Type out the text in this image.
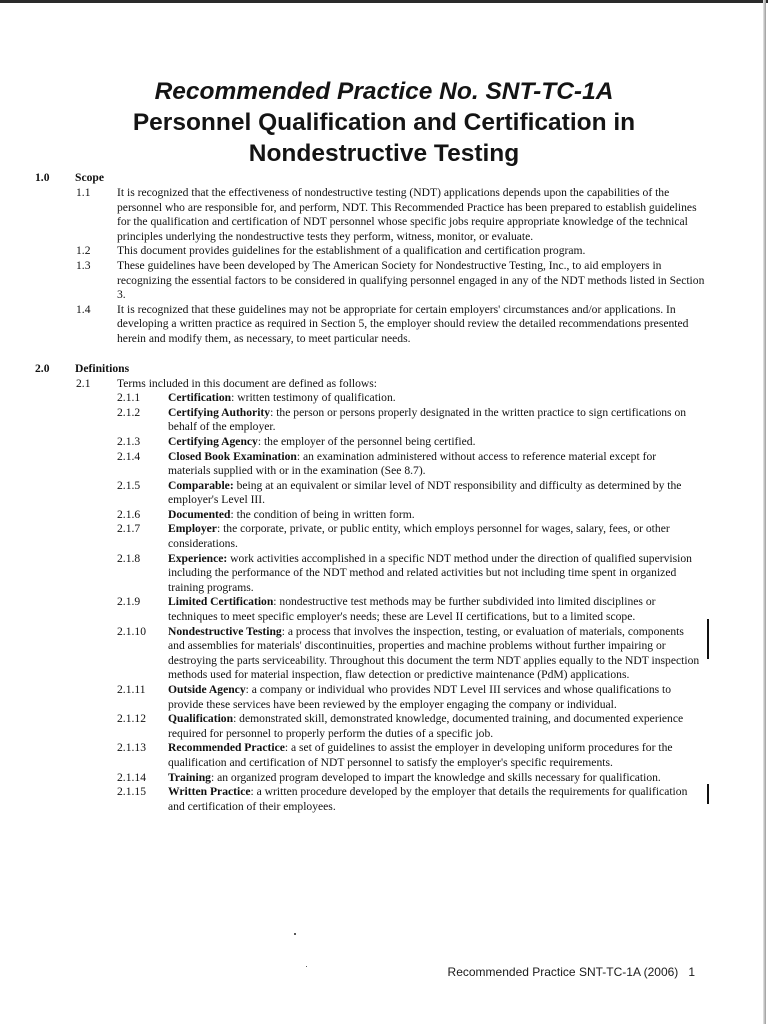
Recommended Practice No. SNT-TC-1A
Personnel Qualification and Certification in
Nondestructive Testing
1.0 Scope
1.1 It is recognized that the effectiveness of nondestructive testing (NDT) applications depends upon the capabilities of the personnel who are responsible for, and perform, NDT. This Recommended Practice has been prepared to establish guidelines for the qualification and certification of NDT personnel whose specific jobs require appropriate knowledge of the technical principles underlying the nondestructive tests they perform, witness, monitor, or evaluate.
1.2 This document provides guidelines for the establishment of a qualification and certification program.
1.3 These guidelines have been developed by The American Society for Nondestructive Testing, Inc., to aid employers in recognizing the essential factors to be considered in qualifying personnel engaged in any of the NDT methods listed in Section 3.
1.4 It is recognized that these guidelines may not be appropriate for certain employers' circumstances and/or applications. In developing a written practice as required in Section 5, the employer should review the detailed recommendations presented herein and modify them, as necessary, to meet particular needs.
2.0 Definitions
2.1 Terms included in this document are defined as follows:
2.1.1 Certification: written testimony of qualification.
2.1.2 Certifying Authority: the person or persons properly designated in the written practice to sign certifications on behalf of the employer.
2.1.3 Certifying Agency: the employer of the personnel being certified.
2.1.4 Closed Book Examination: an examination administered without access to reference material except for materials supplied with or in the examination (See 8.7).
2.1.5 Comparable: being at an equivalent or similar level of NDT responsibility and difficulty as determined by the employer's Level III.
2.1.6 Documented: the condition of being in written form.
2.1.7 Employer: the corporate, private, or public entity, which employs personnel for wages, salary, fees, or other considerations.
2.1.8 Experience: work activities accomplished in a specific NDT method under the direction of qualified supervision including the performance of the NDT method and related activities but not including time spent in organized training programs.
2.1.9 Limited Certification: nondestructive test methods may be further subdivided into limited disciplines or techniques to meet specific employer's needs; these are Level II certifications, but to a limited scope.
2.1.10 Nondestructive Testing: a process that involves the inspection, testing, or evaluation of materials, components and assemblies for materials' discontinuities, properties and machine problems without further impairing or destroying the parts serviceability. Throughout this document the term NDT applies equally to the NDT inspection methods used for material inspection, flaw detection or predictive maintenance (PdM) applications.
2.1.11 Outside Agency: a company or individual who provides NDT Level III services and whose qualifications to provide these services have been reviewed by the employer engaging the company or individual.
2.1.12 Qualification: demonstrated skill, demonstrated knowledge, documented training, and documented experience required for personnel to properly perform the duties of a specific job.
2.1.13 Recommended Practice: a set of guidelines to assist the employer in developing uniform procedures for the qualification and certification of NDT personnel to satisfy the employer's specific requirements.
2.1.14 Training: an organized program developed to impart the knowledge and skills necessary for qualification.
2.1.15 Written Practice: a written procedure developed by the employer that details the requirements for qualification and certification of their employees.
Recommended Practice SNT-TC-1A (2006) 1
